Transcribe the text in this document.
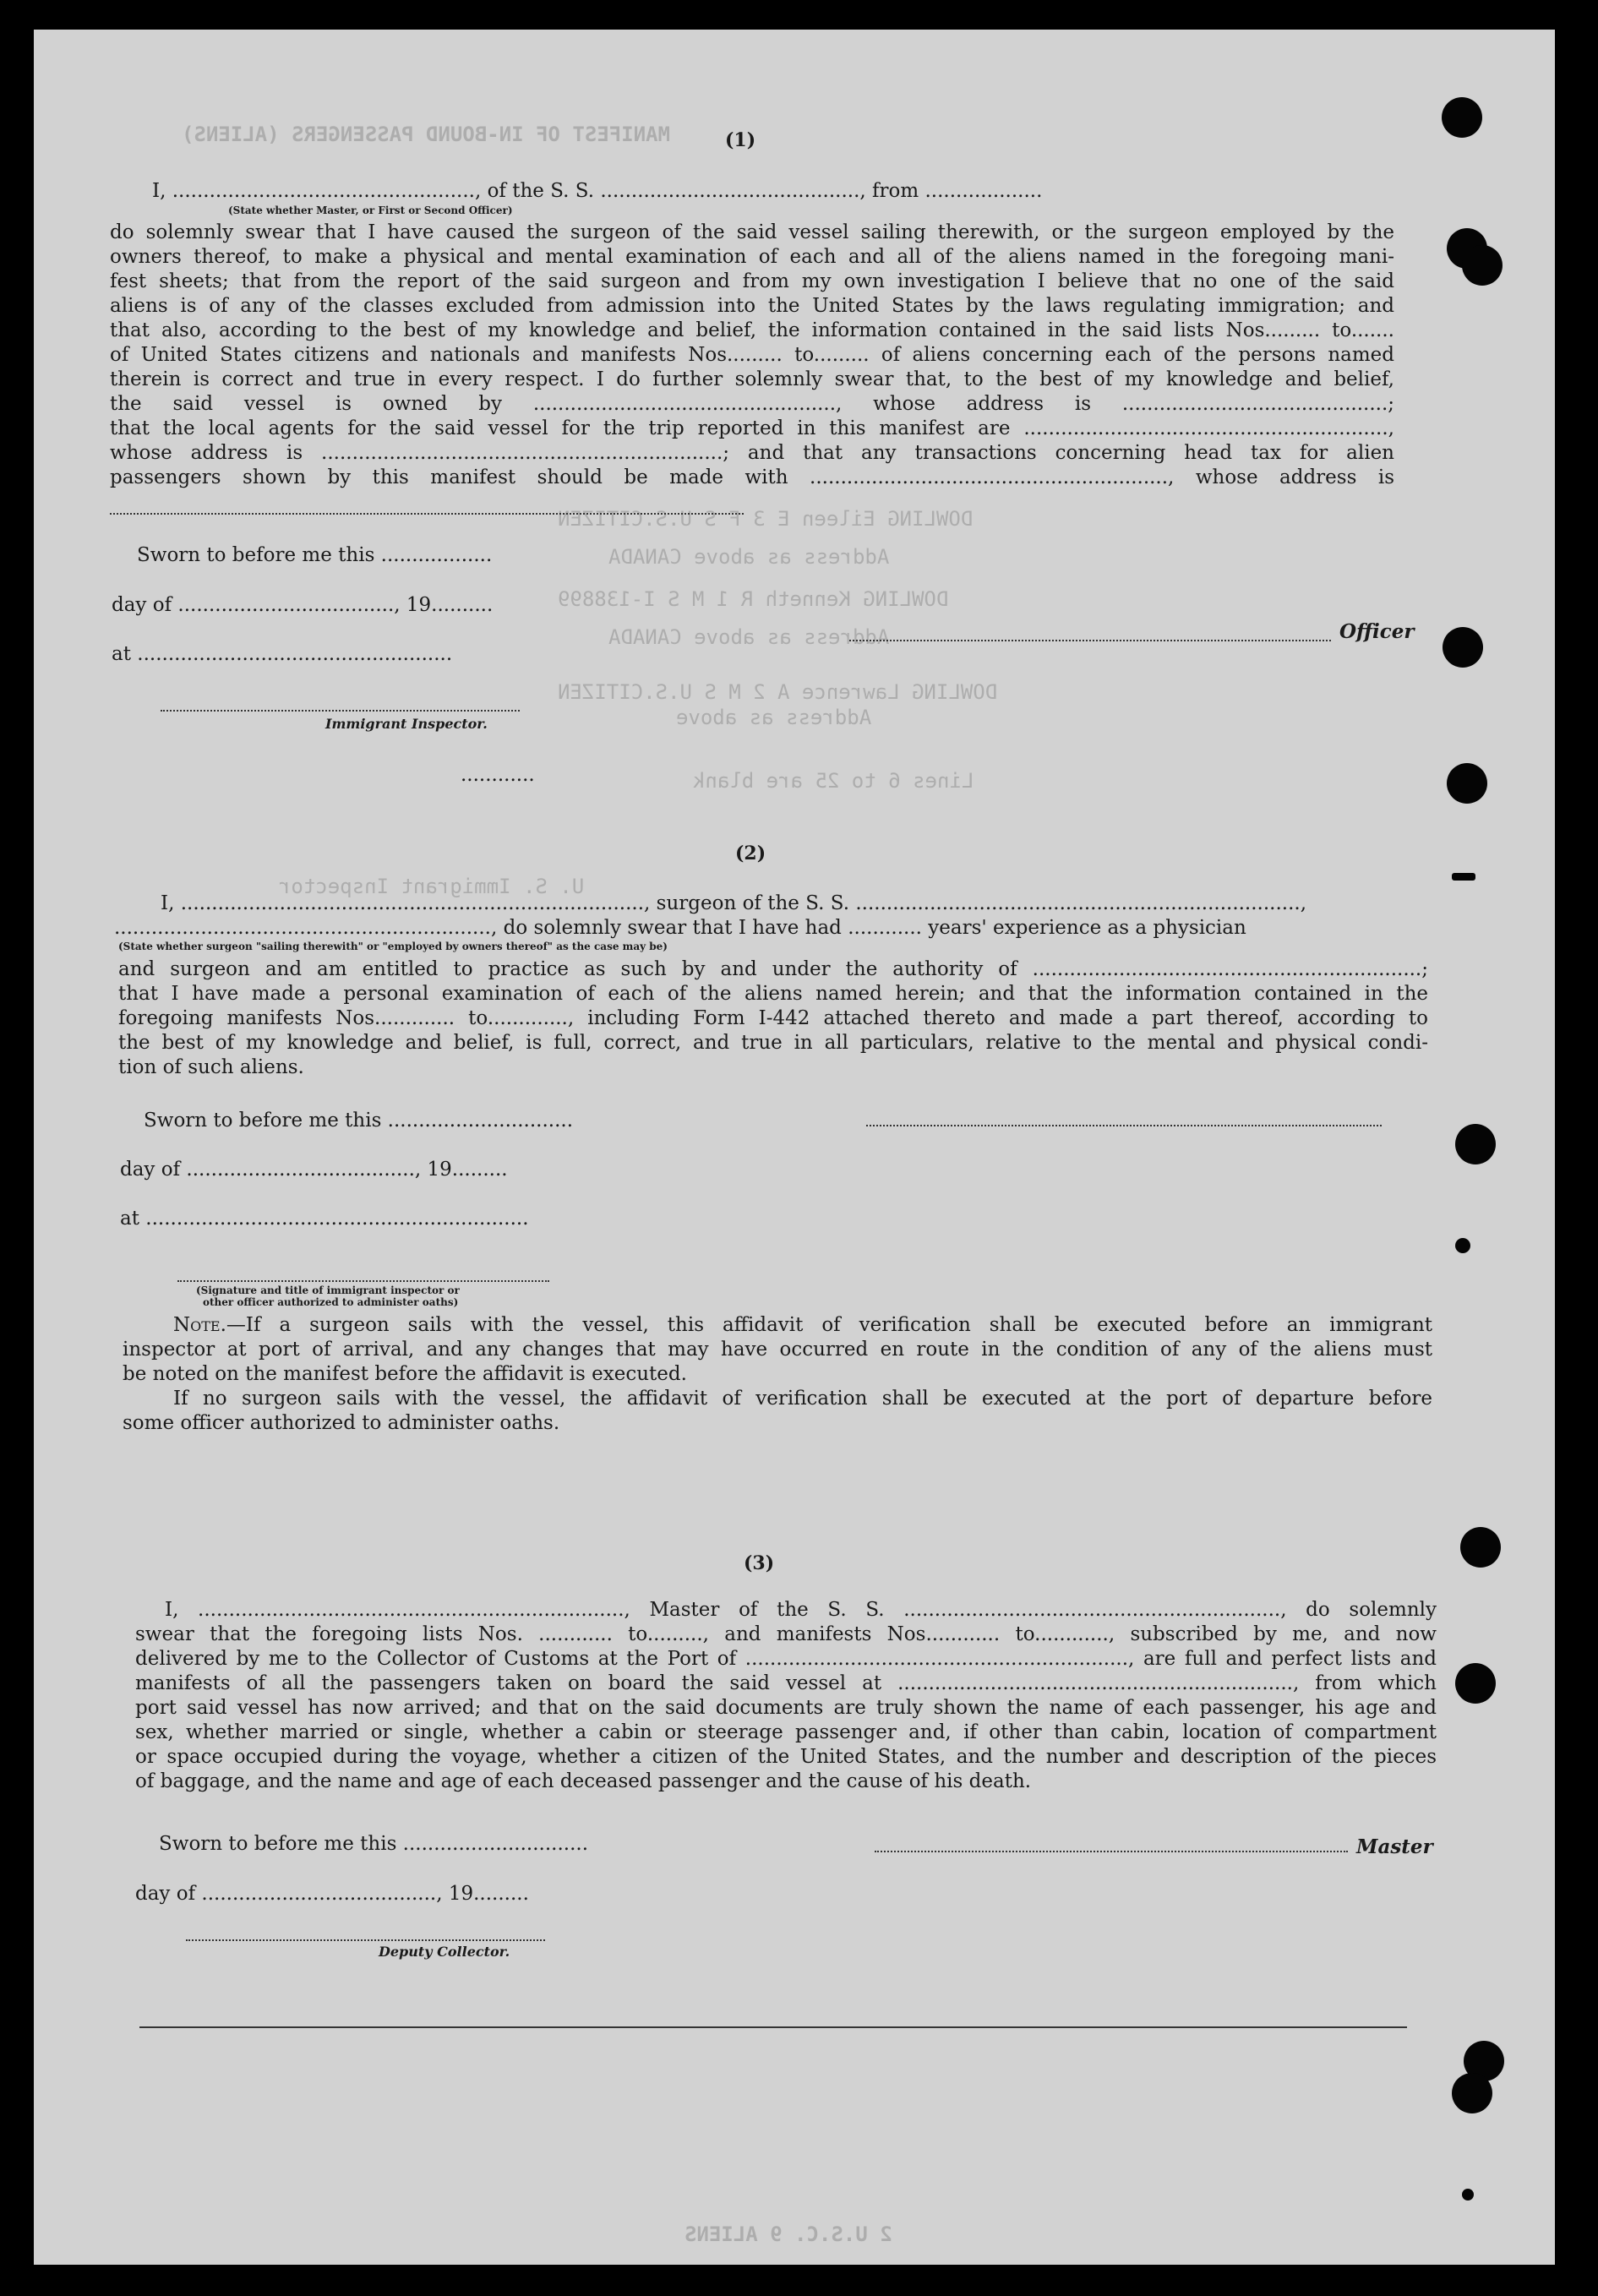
MANIFEST OF IN-BOUND PASSENGERS (ALIENS)
DOWLING Eileen E 3 F S U.S.CITIZEN
Address as above CANADA
DOWLING Kenneth R 1 M S I-138899
Address as above CANADA
DOWLING Lawrence A 2 M S U.S.CITIZEN
Address as above
Lines 6 to 25 are blank
U. S. Immigrant Inspector
2 U.S.C. 9 ALIENS
(1)
I, ................................................., of the S. S. .........................................., from ...................
(State whether Master, or First or Second Officer)
do solemnly swear that I have caused the surgeon of the said vessel sailing therewith, or the surgeon employed by the
owners thereof, to make a physical and mental examination of each and all of the aliens named in the foregoing mani-
fest sheets; that from the report of the said surgeon and from my own investigation I believe that no one of the said
aliens is of any of the classes excluded from admission into the United States by the laws regulating immigration; and
that also, according to the best of my knowledge and belief, the information contained in the said lists Nos......... to.......
of United States citizens and nationals and manifests Nos......... to......... of aliens concerning each of the persons named
therein is correct and true in every respect. I do further solemnly swear that, to the best of my knowledge and belief,
the said vessel is owned by ................................................., whose address is ...........................................;
that the local agents for the said vessel for the trip reported in this manifest are ...........................................................,
whose address is .................................................................; and that any transactions concerning head tax for alien
passengers shown by this manifest should be made with .........................................................., whose address is
Sworn to before me this ..................
day of ..................................., 19..........
at ...................................................
Officer
Immigrant Inspector.
............
(2)
I, ..........................................................................., surgeon of the S. S. ........................................................................,
............................................................., do solemnly swear that I have had ............ years' experience as a physician
(State whether surgeon "sailing therewith" or "employed by owners thereof" as the case may be)
and surgeon and am entitled to practice as such by and under the authority of ...............................................................;
that I have made a personal examination of each of the aliens named herein; and that the information contained in the
foregoing manifests Nos............. to............., including Form I-442 attached thereto and made a part thereof, according to
the best of my knowledge and belief, is full, correct, and true in all particulars, relative to the mental and physical condi-
tion of such aliens.
Sworn to before me this ..............................
day of ....................................., 19.........
at ..............................................................
(Signature and title of immigrant inspector or
other officer authorized to administer oaths)
Note.—If a surgeon sails with the vessel, this affidavit of verification shall be executed before an immigrant
inspector at port of arrival, and any changes that may have occurred en route in the condition of any of the aliens must
be noted on the manifest before the affidavit is executed.
If no surgeon sails with the vessel, the affidavit of verification shall be executed at the port of departure before
some officer authorized to administer oaths.
(3)
I, ....................................................................., Master of the S. S. ............................................................., do solemnly
swear that the foregoing lists Nos. ............ to........., and manifests Nos............ to............, subscribed by me, and now
delivered by me to the Collector of Customs at the Port of .............................................................., are full and perfect lists and
manifests of all the passengers taken on board the said vessel at ................................................................, from which
port said vessel has now arrived; and that on the said documents are truly shown the name of each passenger, his age and
sex, whether married or single, whether a cabin or steerage passenger and, if other than cabin, location of compartment
or space occupied during the voyage, whether a citizen of the United States, and the number and description of the pieces
of baggage, and the name and age of each deceased passenger and the cause of his death.
Sworn to before me this ..............................	Master
day of ......................................, 19.........
Deputy Collector.
